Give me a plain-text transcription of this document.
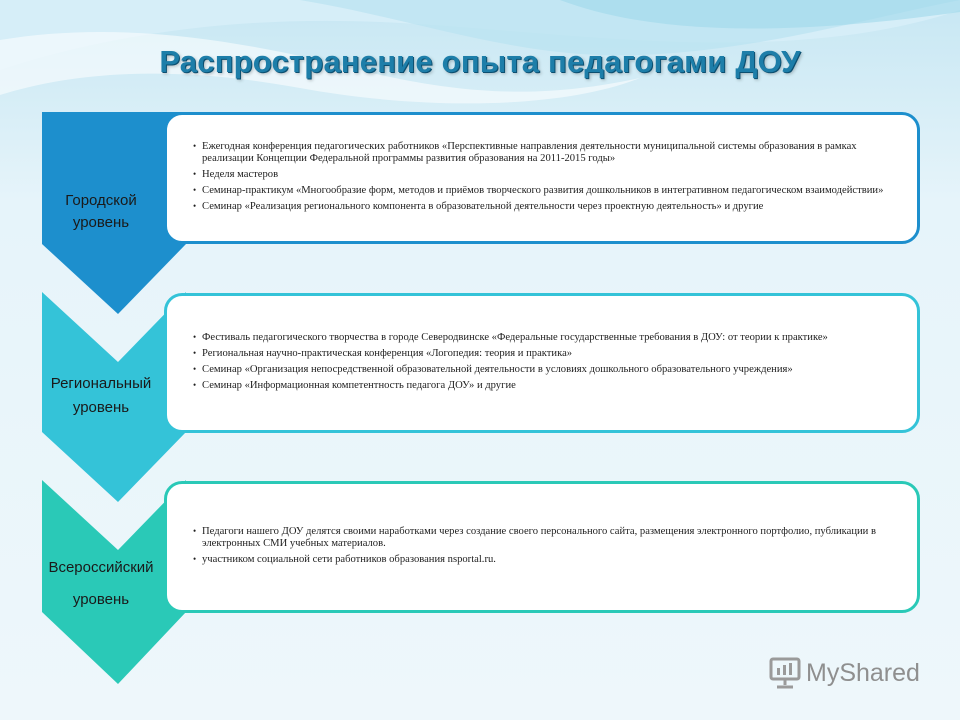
Распространение опыта педагогами ДОУ
• Ежегодная конференция педагогических работников «Перспективные направления деятельности муниципальной системы образования в рамках реализации Концепции Федеральной программы развития образования на 2011-2015 годы»
• Неделя мастеров
• Семинар-практикум «Многообразие форм, методов и приёмов творческого развития дошкольников в интегративном педагогическом взаимодействии»
• Семинар «Реализация регионального компонента в образовательной деятельности через проектную деятельность» и другие
• Фестиваль педагогического творчества в городе Северодвинске «Федеральные государственные требования в ДОУ: от теории к практике»
• Региональная научно-практическая конференция «Логопедия: теория и практика»
• Семинар «Организация непосредственной образовательной деятельности в условиях дошкольного образовательного учреждения»
• Семинар «Информационная компетентность педагога ДОУ» и другие
• Педагоги нашего ДОУ делятся своими наработками через создание своего персонального сайта, размещения электронного портфолио, публикации в электронных СМИ учебных материалов.
• участником социальной сети работников образования nsportal.ru.
Городской
уровень
Региональный
уровень
Всероссийский
уровень
MyShared
